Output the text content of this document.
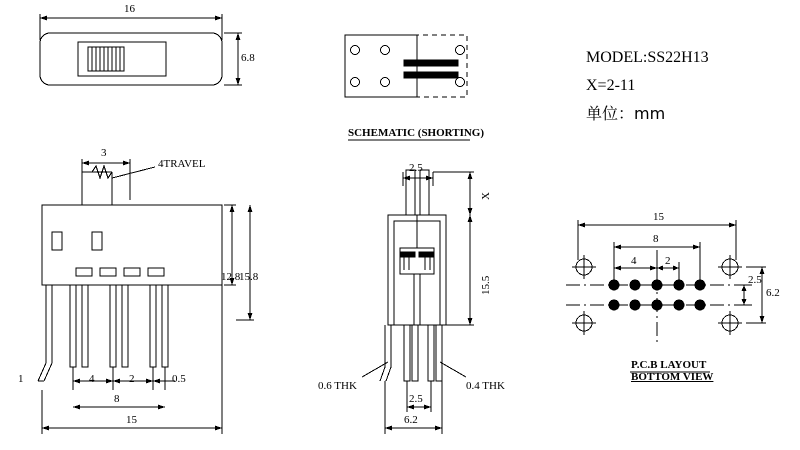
16
6.8
SCHEMATIC (SHORTING)
3
4TRAVEL
12.8
15.8
1	4	2	0.5
8
15
2.5
X
15.5
0.6 THK	0.4 THK
2.5
6.2
15
8
4	2
2.5
6.2
P.C.B LAYOUT
BOTTOM VIEW
MODEL:SS22H13
X=2-11
单位：mm
